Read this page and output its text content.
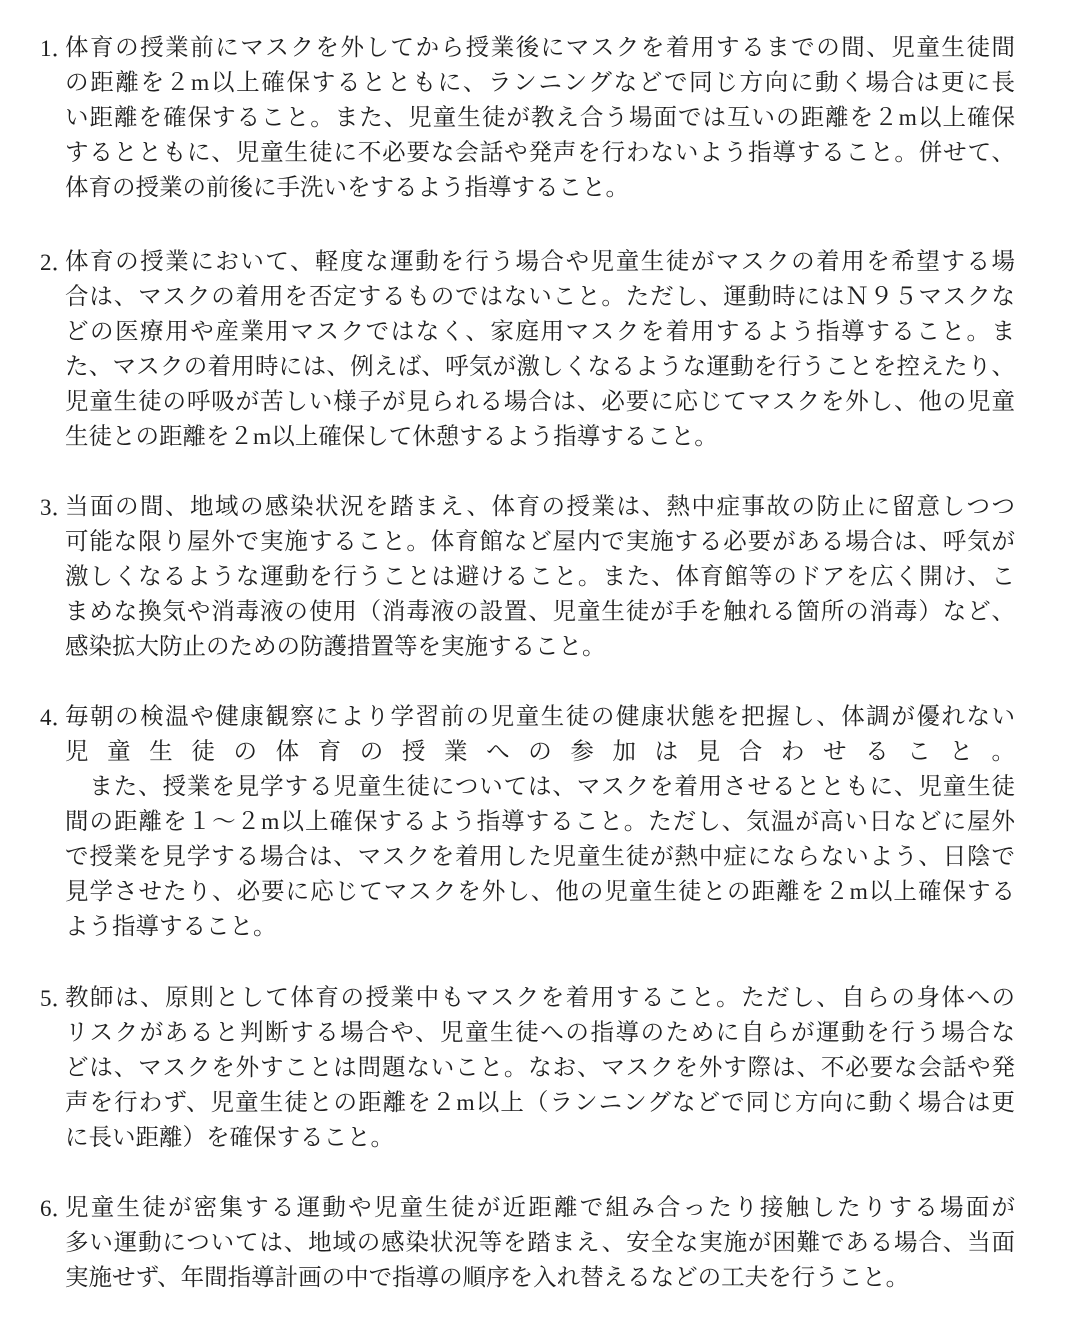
1．
体育の授業前にマスクを外してから授業後にマスクを着用するまでの間、児童生徒間
の距離を２m以上確保するとともに、ランニングなどで同じ方向に動く場合は更に長
い距離を確保すること。また、児童生徒が教え合う場面では互いの距離を２m以上確保
するとともに、児童生徒に不必要な会話や発声を行わないよう指導すること。併せて、
体育の授業の前後に手洗いをするよう指導すること。
2．
体育の授業において、軽度な運動を行う場合や児童生徒がマスクの着用を希望する場
合は、マスクの着用を否定するものではないこと。ただし、運動時にはＮ９５マスクな
どの医療用や産業用マスクではなく、家庭用マスクを着用するよう指導すること。ま
た、マスクの着用時には、例えば、呼気が激しくなるような運動を行うことを控えたり、
児童生徒の呼吸が苦しい様子が見られる場合は、必要に応じてマスクを外し、他の児童
生徒との距離を２m以上確保して休憩するよう指導すること。
3．
当面の間、地域の感染状況を踏まえ、体育の授業は、熱中症事故の防止に留意しつつ
可能な限り屋外で実施すること。体育館など屋内で実施する必要がある場合は、呼気が
激しくなるような運動を行うことは避けること。また、体育館等のドアを広く開け、こ
まめな換気や消毒液の使用（消毒液の設置、児童生徒が手を触れる箇所の消毒）など、
感染拡大防止のための防護措置等を実施すること。
4．
毎朝の検温や健康観察により学習前の児童生徒の健康状態を把握し、体調が優れない
児童生徒の体育の授業への参加は見合わせること。
　また、授業を見学する児童生徒については、マスクを着用させるとともに、児童生徒
間の距離を１～２m以上確保するよう指導すること。ただし、気温が高い日などに屋外
で授業を見学する場合は、マスクを着用した児童生徒が熱中症にならないよう、日陰で
見学させたり、必要に応じてマスクを外し、他の児童生徒との距離を２m以上確保する
よう指導すること。
5．
教師は、原則として体育の授業中もマスクを着用すること。ただし、自らの身体への
リスクがあると判断する場合や、児童生徒への指導のために自らが運動を行う場合な
どは、マスクを外すことは問題ないこと。なお、マスクを外す際は、不必要な会話や発
声を行わず、児童生徒との距離を２m以上（ランニングなどで同じ方向に動く場合は更
に長い距離）を確保すること。
6．
児童生徒が密集する運動や児童生徒が近距離で組み合ったり接触したりする場面が
多い運動については、地域の感染状況等を踏まえ、安全な実施が困難である場合、当面
実施せず、年間指導計画の中で指導の順序を入れ替えるなどの工夫を行うこと。
